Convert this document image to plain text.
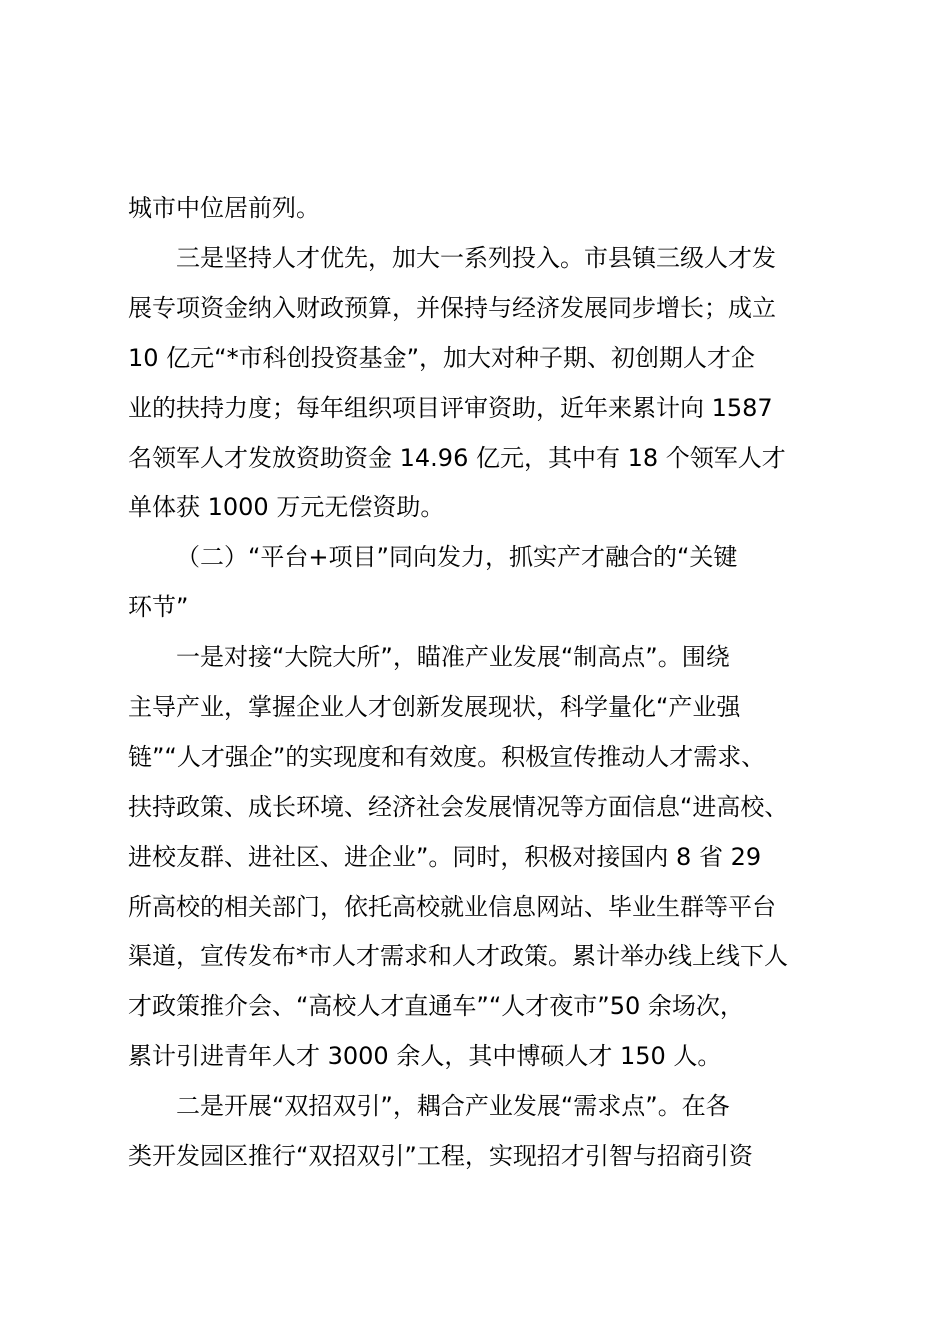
城市中位居前列。
三是坚持人才优先，加大一系列投入。市县镇三级人才发
展专项资金纳入财政预算，并保持与经济发展同步增长；成立
10 亿元“*市科创投资基金”，加大对种子期、初创期人才企
业的扶持力度；每年组织项目评审资助，近年来累计向 1587
名领军人才发放资助资金 14.96 亿元，其中有 18 个领军人才
单体获 1000 万元无偿资助。
（二）“平台+项目”同向发力，抓实产才融合的“关键
环节”
一是对接“大院大所”，瞄准产业发展“制高点”。围绕
主导产业，掌握企业人才创新发展现状，科学量化“产业强
链”“人才强企”的实现度和有效度。积极宣传推动人才需求、
扶持政策、成长环境、经济社会发展情况等方面信息“进高校、
进校友群、进社区、进企业”。同时，积极对接国内 8 省 29
所高校的相关部门，依托高校就业信息网站、毕业生群等平台
渠道，宣传发布*市人才需求和人才政策。累计举办线上线下人
才政策推介会、“高校人才直通车”“人才夜市”50 余场次，
累计引进青年人才 3000 余人，其中博硕人才 150 人。
二是开展“双招双引”，耦合产业发展“需求点”。在各
类开发园区推行“双招双引”工程，实现招才引智与招商引资
